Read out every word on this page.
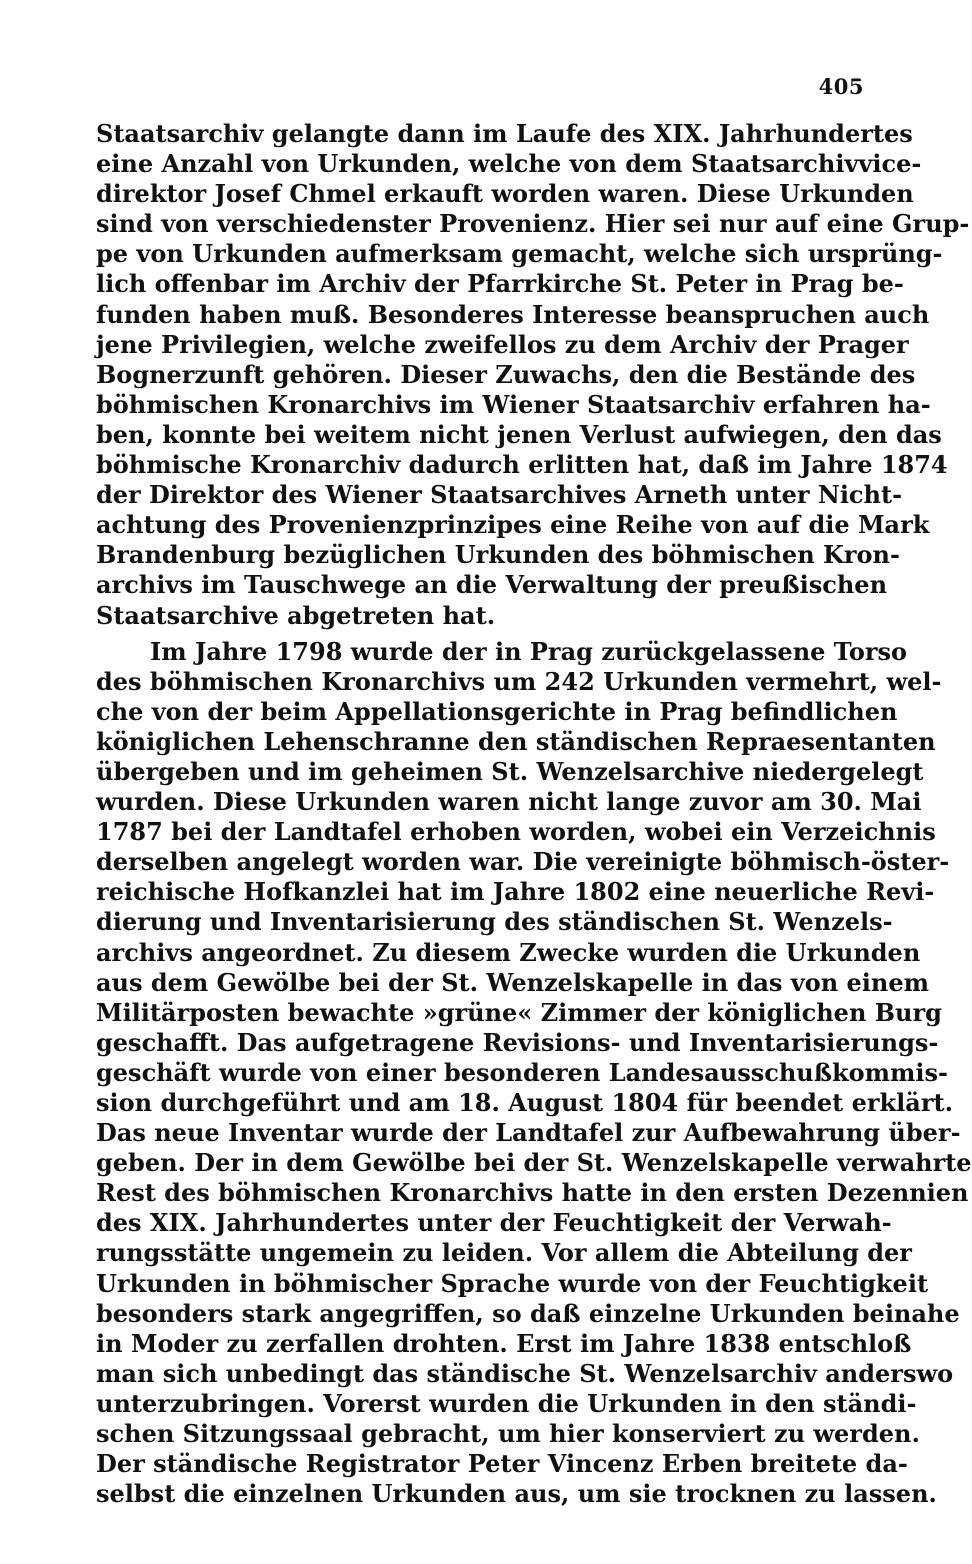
405
Staatsarchiv gelangte dann im Laufe des XIX. Jahrhundertes
eine Anzahl von Urkunden, welche von dem Staatsarchivvice-
direktor Josef Chmel erkauft worden waren. Diese Urkunden
sind von verschiedenster Provenienz. Hier sei nur auf eine Grup-
pe von Urkunden aufmerksam gemacht, welche sich ursprüng-
lich offenbar im Archiv der Pfarrkirche St. Peter in Prag be-
funden haben muß. Besonderes Interesse beanspruchen auch
jene Privilegien, welche zweifellos zu dem Archiv der Prager
Bognerzunft gehören. Dieser Zuwachs, den die Bestände des
böhmischen Kronarchivs im Wiener Staatsarchiv erfahren ha-
ben, konnte bei weitem nicht jenen Verlust aufwiegen, den das
böhmische Kronarchiv dadurch erlitten hat, daß im Jahre 1874
der Direktor des Wiener Staatsarchives Arneth unter Nicht-
achtung des Provenienzprinzipes eine Reihe von auf die Mark
Brandenburg bezüglichen Urkunden des böhmischen Kron-
archivs im Tauschwege an die Verwaltung der preußischen
Staatsarchive abgetreten hat.
Im Jahre 1798 wurde der in Prag zurückgelassene Torso
des böhmischen Kronarchivs um 242 Urkunden vermehrt, wel-
che von der beim Appellationsgerichte in Prag befindlichen
königlichen Lehenschranne den ständischen Repraesentanten
übergeben und im geheimen St. Wenzelsarchive niedergelegt
wurden. Diese Urkunden waren nicht lange zuvor am 30. Mai
1787 bei der Landtafel erhoben worden, wobei ein Verzeichnis
derselben angelegt worden war. Die vereinigte böhmisch-öster-
reichische Hofkanzlei hat im Jahre 1802 eine neuerliche Revi-
dierung und Inventarisierung des ständischen St. Wenzels-
archivs angeordnet. Zu diesem Zwecke wurden die Urkunden
aus dem Gewölbe bei der St. Wenzelskapelle in das von einem
Militärposten bewachte »grüne« Zimmer der königlichen Burg
geschafft. Das aufgetragene Revisions- und Inventarisierungs-
geschäft wurde von einer besonderen Landesausschußkommis-
sion durchgeführt und am 18. August 1804 für beendet erklärt.
Das neue Inventar wurde der Landtafel zur Aufbewahrung über-
geben. Der in dem Gewölbe bei der St. Wenzelskapelle verwahrte
Rest des böhmischen Kronarchivs hatte in den ersten Dezennien
des XIX. Jahrhundertes unter der Feuchtigkeit der Verwah-
rungsstätte ungemein zu leiden. Vor allem die Abteilung der
Urkunden in böhmischer Sprache wurde von der Feuchtigkeit
besonders stark angegriffen, so daß einzelne Urkunden beinahe
in Moder zu zerfallen drohten. Erst im Jahre 1838 entschloß
man sich unbedingt das ständische St. Wenzelsarchiv anderswo
unterzubringen. Vorerst wurden die Urkunden in den ständi-
schen Sitzungssaal gebracht, um hier konserviert zu werden.
Der ständische Registrator Peter Vincenz Erben breitete da-
selbst die einzelnen Urkunden aus, um sie trocknen zu lassen.
